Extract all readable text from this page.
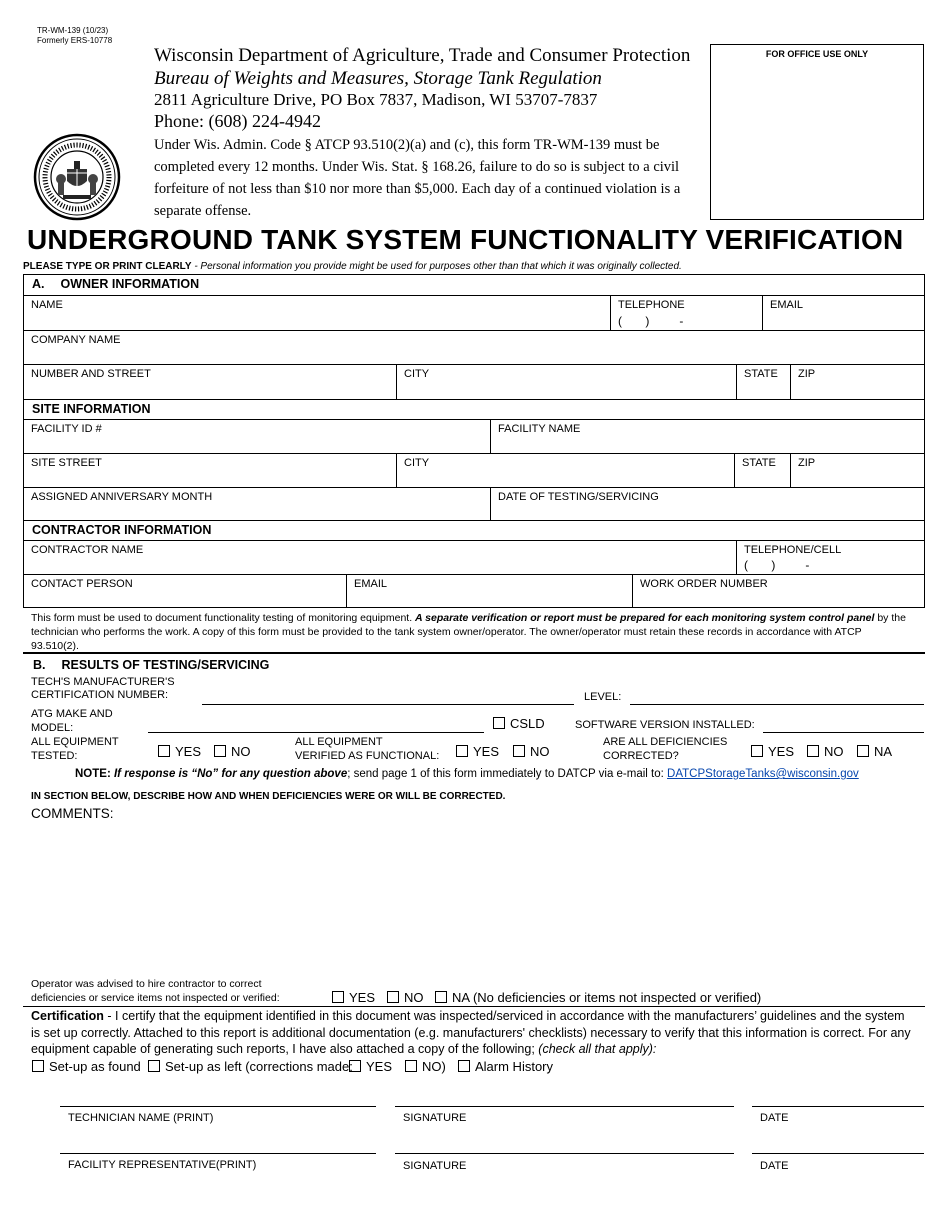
TR-WM-139 (10/23)
Formerly ERS-10778
Wisconsin Department of Agriculture, Trade and Consumer Protection
Bureau of Weights and Measures, Storage Tank Regulation
2811 Agriculture Drive, PO Box 7837, Madison, WI 53707-7837
Phone: (608) 224-4942
Under Wis. Admin. Code § ATCP 93.510(2)(a) and (c), this form TR-WM-139 must be completed every 12 months. Under Wis. Stat. § 168.26, failure to do so is subject to a civil forfeiture of not less than $10 nor more than $5,000. Each day of a continued violation is a separate offense.
FOR OFFICE USE ONLY
UNDERGROUND TANK SYSTEM FUNCTIONALITY VERIFICATION
PLEASE TYPE OR PRINT CLEARLY - Personal information you provide might be used for purposes other than that which it was originally collected.
A. OWNER INFORMATION
NAME	TELEPHONE
(       )         -
EMAIL
COMPANY NAME
NUMBER AND STREET	CITY	STATE ZIP
SITE INFORMATION
FACILITY ID #	FACILITY NAME
SITE STREET	CITY	STATE ZIP
ASSIGNED ANNIVERSARY MONTH	DATE OF TESTING/SERVICING
CONTRACTOR INFORMATION
CONTRACTOR NAME	TELEPHONE/CELL
(       )         -
CONTACT PERSON	EMAIL	WORK ORDER NUMBER
This form must be used to document functionality testing of monitoring equipment. A separate verification or report must be prepared for each monitoring system control panel by the technician who performs the work. A copy of this form must be provided to the tank system owner/operator. The owner/operator must retain these records in accordance with ATCP 93.510(2).
B. RESULTS OF TESTING/SERVICING
TECH'S MANUFACTURER'S
CERTIFICATION NUMBER:	LEVEL:
ATG MAKE AND
MODEL:	CSLD	SOFTWARE VERSION INSTALLED:
ALL EQUIPMENT
TESTED:	YES	NO
ALL EQUIPMENT
VERIFIED AS FUNCTIONAL:	YES	NO
ARE ALL DEFICIENCIES
CORRECTED?	YES	NO	NA
NOTE: If response is “No” for any question above; send page 1 of this form immediately to DATCP via e-mail to: DATCPStorageTanks@wisconsin.gov
IN SECTION BELOW, DESCRIBE HOW AND WHEN DEFICIENCIES WERE OR WILL BE CORRECTED.
COMMENTS:
Operator was advised to hire contractor to correct
deficiencies or service items not inspected or verified:	YES	NO	NA (No deficiencies or items not inspected or verified)
Certification - I certify that the equipment identified in this document was inspected/serviced in accordance with the manufacturers’ guidelines and the system is set up correctly. Attached to this report is additional documentation (e.g. manufacturers' checklists) necessary to verify that this information is correct. For any equipment capable of generating such reports, I have also attached a copy of the following; (check all that apply):
Set-up as found	Set-up as left (corrections made:	YES	NO)	Alarm History
TECHNICIAN NAME (PRINT)	SIGNATURE	DATE
FACILITY REPRESENTATIVE(PRINT)	SIGNATURE	DATE
